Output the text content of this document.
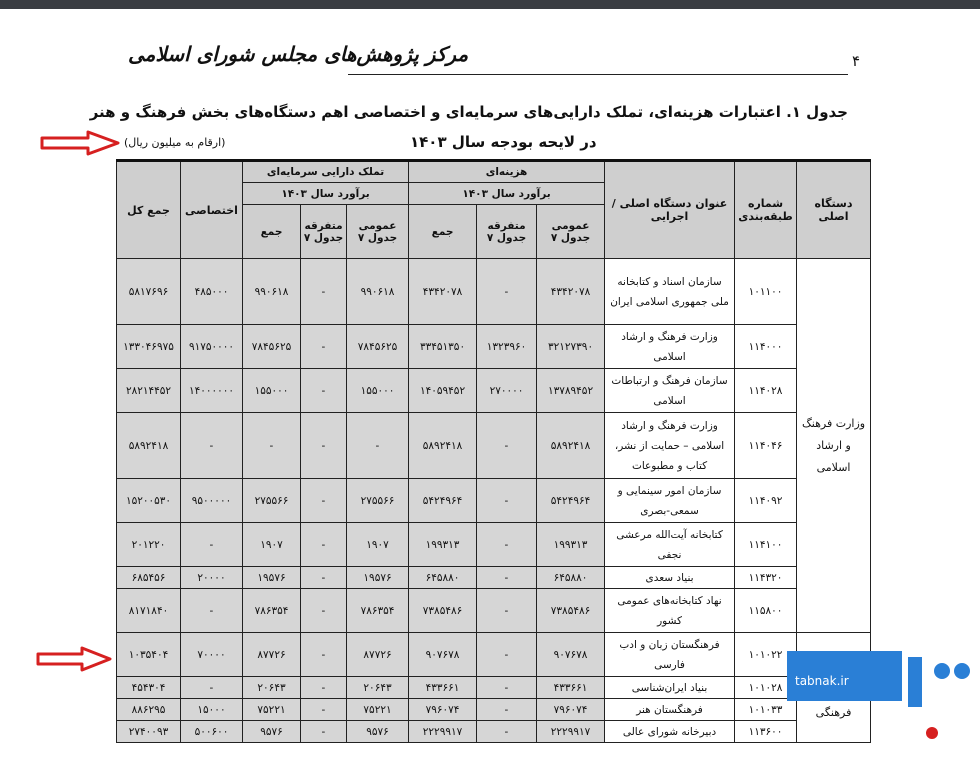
۴
مرکز پژوهش‌های مجلس شورای اسلامی
جدول ۱. اعتبارات هزینه‌ای، تملک دارایی‌های سرمایه‌ای و اختصاصی اهم دستگاه‌های بخش فرهنگ و هنر
در لایحه بودجه سال ۱۴۰۳
(ارقام به میلیون ریال)
دستگاه اصلی	شماره طبقه‌بندی	عنوان دستگاه اصلی / اجرایی	هزینه‌ای			تملک دارایی سرمایه‌ای			اختصاصی	جمع کل
			برآورد سال ۱۴۰۳			برآورد سال ۱۴۰۳				
			عمومی جدول ۷	متفرقه جدول ۷	جمع	عمومی جدول ۷	متفرقه جدول ۷	جمع		
وزارت فرهنگ و ارشاد اسلامی	۱۰۱۱۰۰	سازمان اسناد و کتابخانه ملی جمهوری اسلامی ایران	۴۳۴۲۰۷۸	-	۴۳۴۲۰۷۸	۹۹۰۶۱۸	-	۹۹۰۶۱۸	۴۸۵۰۰۰	۵۸۱۷۶۹۶
	۱۱۴۰۰۰	وزارت فرهنگ و ارشاد اسلامی	۳۲۱۲۷۳۹۰	۱۳۲۳۹۶۰	۳۳۴۵۱۳۵۰	۷۸۴۵۶۲۵	-	۷۸۴۵۶۲۵	۹۱۷۵۰۰۰۰	۱۳۳۰۴۶۹۷۵
	۱۱۴۰۲۸	سازمان فرهنگ و ارتباطات اسلامی	۱۳۷۸۹۴۵۲	۲۷۰۰۰۰	۱۴۰۵۹۴۵۲	۱۵۵۰۰۰	-	۱۵۵۰۰۰	۱۴۰۰۰۰۰۰	۲۸۲۱۴۴۵۲
	۱۱۴۰۴۶	وزارت فرهنگ و ارشاد اسلامی – حمایت از نشر، کتاب و مطبوعات	۵۸۹۲۴۱۸	-	۵۸۹۲۴۱۸	-	-	-	-	۵۸۹۲۴۱۸
	۱۱۴۰۹۲	سازمان امور سینمایی و سمعی-بصری	۵۴۲۴۹۶۴	-	۵۴۲۴۹۶۴	۲۷۵۵۶۶	-	۲۷۵۵۶۶	۹۵۰۰۰۰۰	۱۵۲۰۰۵۳۰
	۱۱۴۱۰۰	کتابخانه آیت‌الله مرعشی نجفی	۱۹۹۳۱۳	-	۱۹۹۳۱۳	۱۹۰۷	-	۱۹۰۷	-	۲۰۱۲۲۰
	۱۱۴۳۲۰	بنیاد سعدی	۶۴۵۸۸۰	-	۶۴۵۸۸۰	۱۹۵۷۶	-	۱۹۵۷۶	۲۰۰۰۰	۶۸۵۴۵۶
	۱۱۵۸۰۰	نهاد کتابخانه‌های عمومی کشور	۷۳۸۵۴۸۶	-	۷۳۸۵۴۸۶	۷۸۶۳۵۴	-	۷۸۶۳۵۴	-	۸۱۷۱۸۴۰
فرهنگی	۱۰۱۰۲۲	فرهنگستان زبان و ادب فارسی	۹۰۷۶۷۸	-	۹۰۷۶۷۸	۸۷۷۲۶	-	۸۷۷۲۶	۷۰۰۰۰	۱۰۳۵۴۰۴
	۱۰۱۰۲۸	بنیاد ایران‌شناسی	۴۳۳۶۶۱	-	۴۳۳۶۶۱	۲۰۶۴۳	-	۲۰۶۴۳	-	۴۵۴۳۰۴
	۱۰۱۰۳۳	فرهنگستان هنر	۷۹۶۰۷۴	-	۷۹۶۰۷۴	۷۵۲۲۱	-	۷۵۲۲۱	۱۵۰۰۰	۸۸۶۲۹۵
	۱۱۳۶۰۰	دبیرخانه شورای عالی	۲۲۲۹۹۱۷	-	۲۲۲۹۹۱۷	۹۵۷۶	-	۹۵۷۶	۵۰۰۶۰۰	۲۷۴۰۰۹۳
tabnak.ir
